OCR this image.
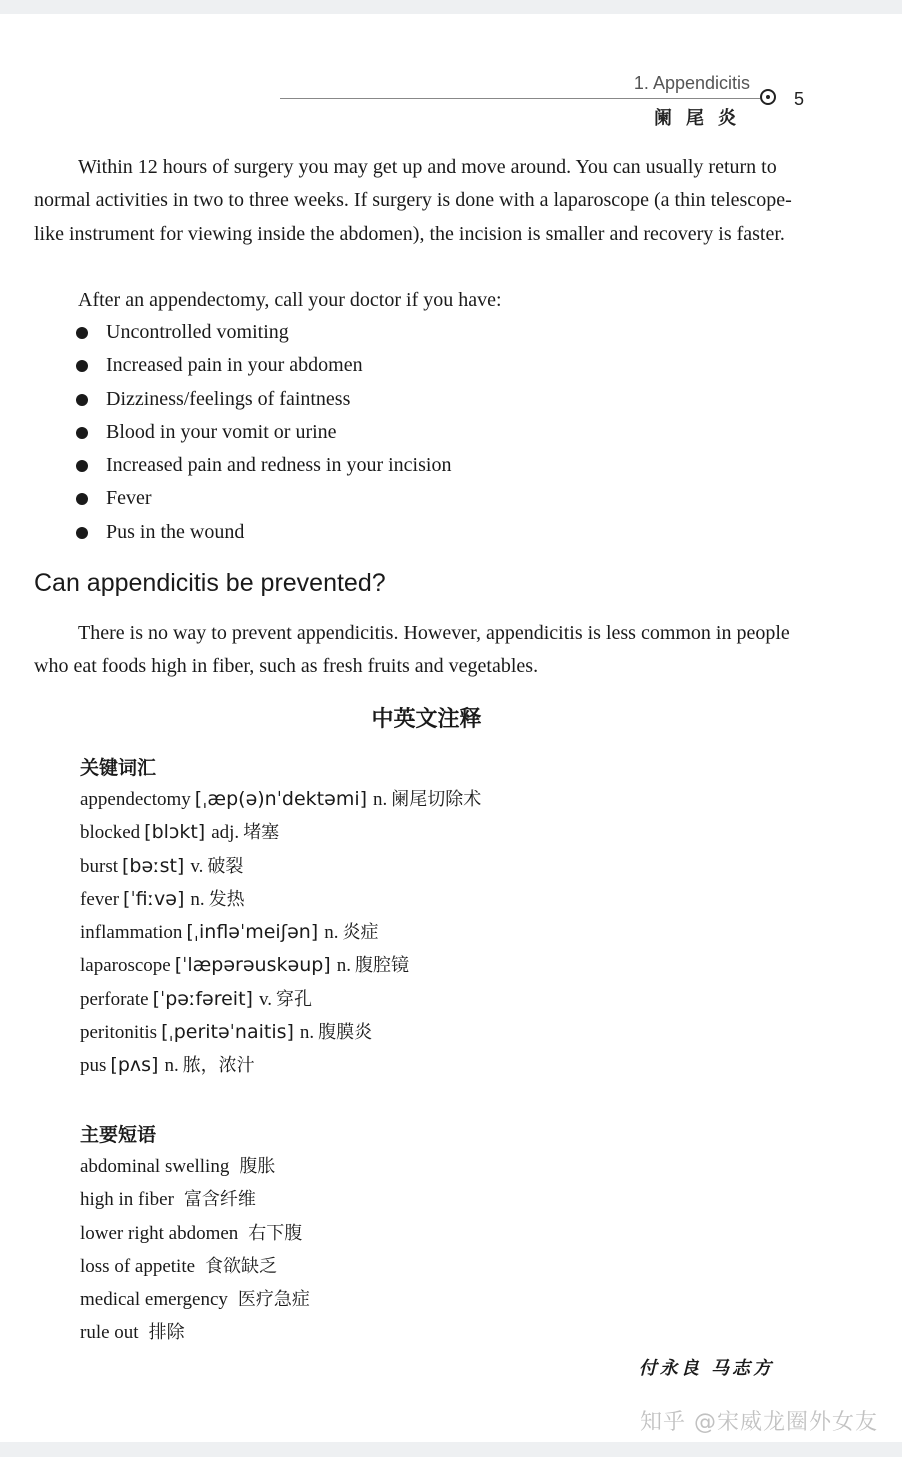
1. Appendicitis
阑尾炎
5

Within 12 hours of surgery you may get up and move around. You can usually return to normal activities in two to three weeks. If surgery is done with a laparoscope (a thin telescope-like instrument for viewing inside the abdomen), the incision is smaller and recovery is faster.

After an appendectomy, call your doctor if you have:

Uncontrolled vomiting
Increased pain in your abdomen
Dizziness/feelings of faintness
Blood in your vomit or urine
Increased pain and redness in your incision
Fever
Pus in the wound
Can appendicitis be prevented?

There is no way to prevent appendicitis. However, appendicitis is less common in people who eat foods high in fiber, such as fresh fruits and vegetables.

中英文注释
关键词汇
appendectomy [ˌæp(ə)nˈdektəmi] n. 阑尾切除术
blocked [blɔkt] adj. 堵塞
burst [bəːst] v. 破裂
fever [ˈfiːvə] n. 发热
inflammation [ˌinfləˈmeiʃən] n. 炎症
laparoscope [ˈlæpərəuskəup] n. 腹腔镜
perforate [ˈpəːfəreit] v. 穿孔
peritonitis [ˌperitəˈnaitis] n. 腹膜炎
pus [pʌs] n. 脓，浓汁
主要短语
abdominal swelling 腹胀
high in fiber 富含纤维
lower right abdomen 右下腹
loss of appetite 食欲缺乏
medical emergency 医疗急症
rule out 排除
付永良 马志方
知乎 @宋威龙圈外女友
